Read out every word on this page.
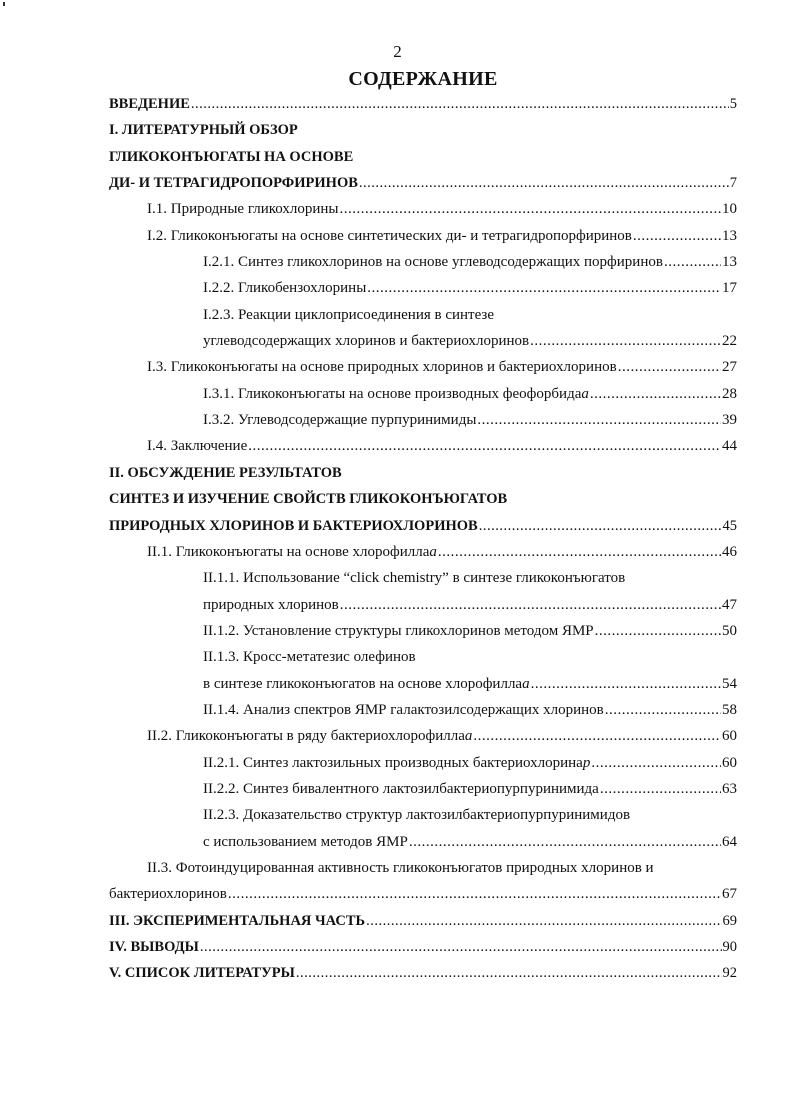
2
СОДЕРЖАНИЕ
ВВЕДЕНИЕ .....	5
I. ЛИТЕРАТУРНЫЙ ОБЗОР
ГЛИКОКОНЪЮГАТЫ НА ОСНОВЕ
ДИ- И ТЕТРАГИДРОПОРФИРИНОВ .....	7
I.1. Природные гликохлорины .....	10
I.2. Гликоконъюгаты на основе синтетических ди- и тетрагидропорфиринов .....	13
I.2.1. Синтез гликохлоринов на основе углеводсодержащих порфиринов .....	13
I.2.2. Гликобензохлорины .....	17
I.2.3. Реакции циклоприсоединения в синтезе
углеводсодержащих хлоринов и бактериохлоринов .....	22
I.3. Гликоконъюгаты на основе природных хлоринов и бактериохлоринов .....	27
I.3.1. Гликоконъюгаты на основе производных феофорбида a .....	28
I.3.2. Углеводсодержащие пурпуринимиды .....	39
I.4. Заключение .....	44
II. ОБСУЖДЕНИЕ РЕЗУЛЬТАТОВ
СИНТЕЗ И ИЗУЧЕНИЕ СВОЙСТВ ГЛИКОКОНЪЮГАТОВ
ПРИРОДНЫХ ХЛОРИНОВ И БАКТЕРИОХЛОРИНОВ .....	45
II.1. Гликоконъюгаты на основе хлорофилла a .....	46
II.1.1. Использование “click chemistry” в синтезе гликоконъюгатов
природных хлоринов .....	47
II.1.2. Установление структуры гликохлоринов методом ЯМР .....	50
II.1.3. Кросс-метатезис олефинов
в синтезе гликоконъюгатов на основе хлорофилла a .....	54
II.1.4. Анализ спектров ЯМР галактозилсодержащих хлоринов .....	58
II.2. Гликоконъюгаты в ряду бактериохлорофилла a .....	60
II.2.1. Синтез лактозильных производных бактериохлорина p .....	60
II.2.2. Синтез бивалентного лактозилбактериопурпуринимида .....	63
II.2.3. Доказательство структур лактозилбактериопурпуринимидов
с использованием методов ЯМР .....	64
II.3. Фотоиндуцированная активность гликоконъюгатов природных хлоринов и
бактериохлоринов .....	67
III. ЭКСПЕРИМЕНТАЛЬНАЯ ЧАСТЬ .....	69
IV. ВЫВОДЫ .....	90
V. СПИСОК ЛИТЕРАТУРЫ .....	92
